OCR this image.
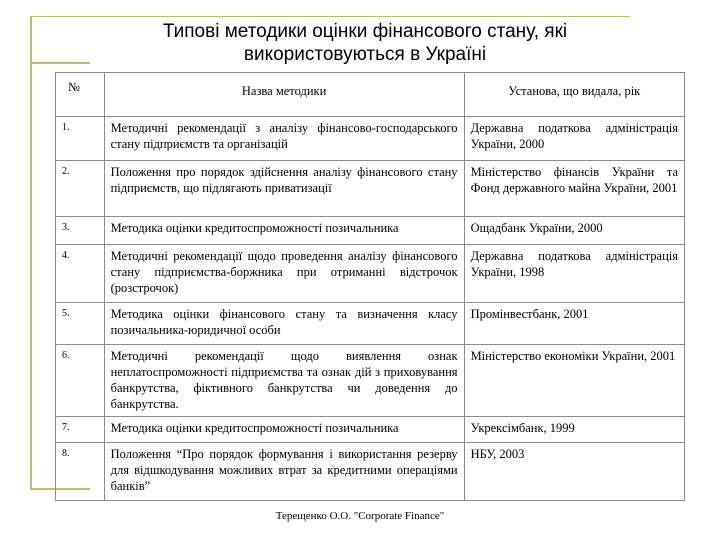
Типові методики оцінки фінансового стану, які
використовуються в Україні
№	Назва методики	Установа, що видала, рік
1.	Методичні рекомендації з аналізу фінансово-господарського стану підприємств та організацій	Державна податкова адміністрація України, 2000
2.	Положення про порядок здійснення аналізу фінансового стану підприємств, що підлягають приватизації	Міністерство фінансів України та Фонд державного майна України, 2001
3.	Методика оцінки кредитоспроможності позичальника	Ощадбанк України, 2000
4.	Методичні рекомендації щодо проведення аналізу фінансового стану підприємства-боржника при отриманні відстрочок (розстрочок)	Державна податкова адміністрація України, 1998
5.	Методика оцінки фінансового стану та визначення класу позичальника-юридичної особи	Промінвестбанк, 2001
6.	Методичні рекомендації щодо виявлення ознак неплатоспроможності підприємства та ознак дій з приховування банкрутства, фіктивного банкрутства чи доведення до банкрутства.	Міністерство економіки України, 2001
7.	Методика оцінки кредитоспроможності позичальника	Укрексімбанк, 1999
8.	Положення “Про порядок формування і використання резерву для відшкодування можливих втрат за кредитними операціями банків”	НБУ, 2003
Терещенко О.О. "Corporate Finance"
